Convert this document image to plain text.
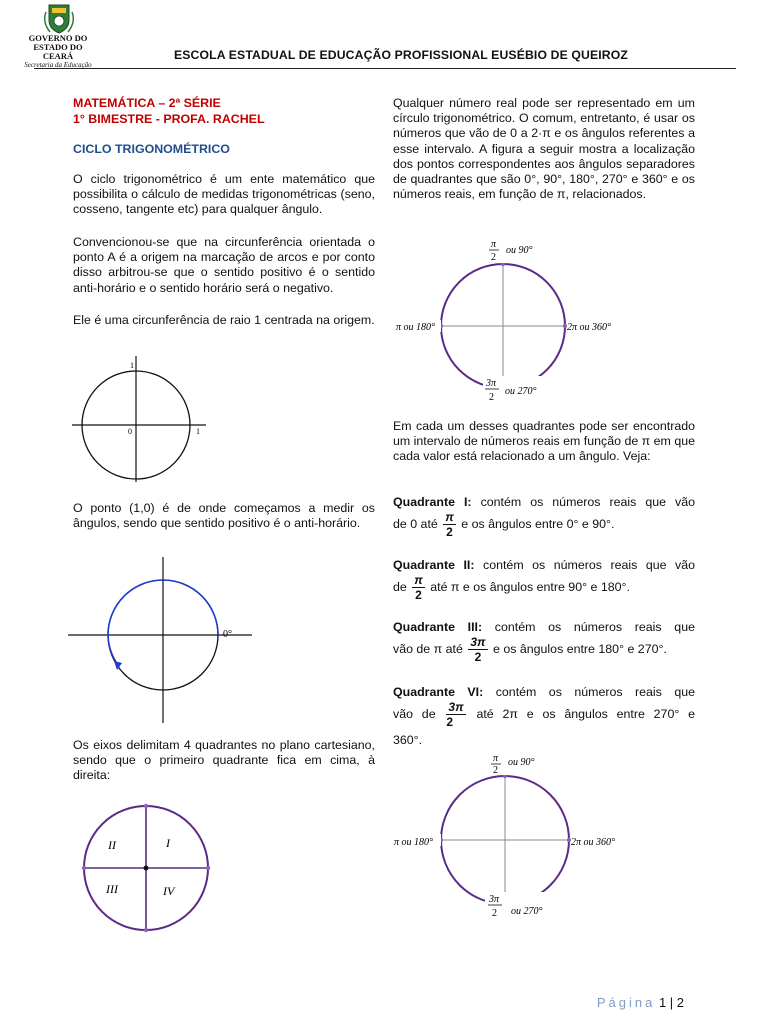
GOVERNO DO
ESTADO DO CEARÁ
Secretaria da Educação
ESCOLA ESTADUAL DE EDUCAÇÃO PROFISSIONAL EUSÉBIO DE QUEIROZ
MATEMÁTICA – 2ª SÉRIE
1° BIMESTRE - PROFA. RACHEL
CICLO TRIGONOMÉTRICO
O ciclo trigonométrico é um ente matemático que possibilita o cálculo de medidas trigonométricas (seno, cosseno, tangente etc) para qualquer ângulo.
Convencionou-se que na circunferência orientada o ponto A é a origem na marcação de arcos e por conto disso arbitrou-se que o sentido positivo é o sentido anti-horário e o sentido horário será o negativo.
Ele é uma circunferência de raio 1 centrada na origem.
1
0	1
O ponto (1,0) é de onde começamos a medir os ângulos, sendo que sentido positivo é o anti-horário.
0°
Os eixos delimitam 4 quadrantes no plano cartesiano, sendo que o primeiro quadrante fica em cima, à direita:
I
II
III	IV
Qualquer número real pode ser representado em um círculo trigonométrico. O comum, entretanto, é usar os números que vão de 0 a 2·π e os ângulos referentes a esse intervalo. A figura a seguir mostra a localização dos pontos correspondentes aos ângulos separadores de quadrantes que são 0°, 90°, 180°, 270° e 360° e os números reais, em função de π, relacionados.
π
2
ou 90°
π ou 180°	2π ou 360°
3π
2
ou 270°
Em cada um desses quadrantes pode ser encontrado um intervalo de números reais em função de π em que cada valor está relacionado a um ângulo. Veja:
Quadrante I: contém os números reais que vão
de 0 até $\frac{\pi}{2}$ e os ângulos entre 0° e 90°.
Quadrante II: contém os números reais que vão
de $\frac{\pi}{2}$ até π e os ângulos entre 90° e 180°.
Quadrante III: contém os números reais que
vão de π até $\frac{3\pi}{2}$ e os ângulos entre 180° e 270°.
Quadrante VI: contém os números reais que
vão de $\frac{3\pi}{2}$ até 2π e os ângulos entre 270° e
360°.
π
2
ou 90°
π ou 180°	2π ou 360°
3π
2 ou 270°
Página 1 | 2
